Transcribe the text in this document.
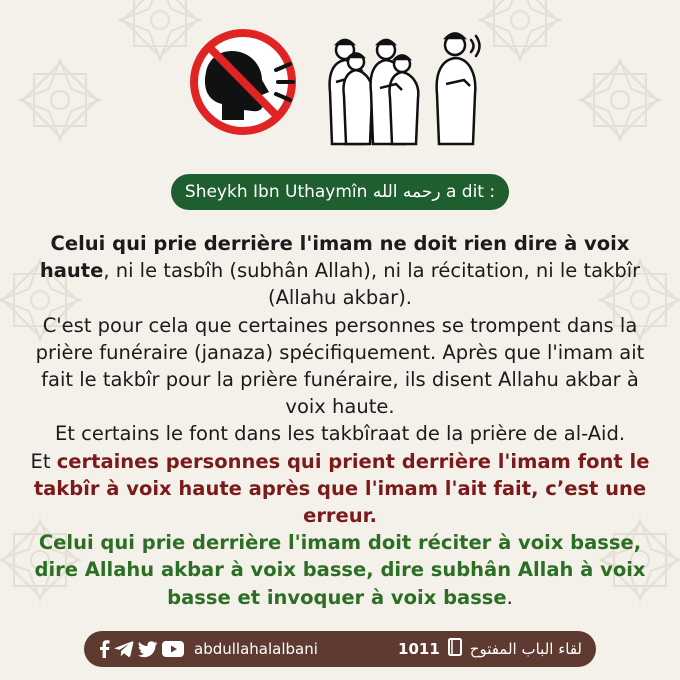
Sheykh Ibn Uthaymîn
رحمه الله
a dit :

Celui qui prie derrière l'imam ne doit rien dire à voix haute, ni le tasbîh (subhân Allah), ni la récitation, ni le takbîr (Allahu akbar).

C'est pour cela que certaines personnes se trompent dans la prière funéraire (janaza) spécifiquement. Après que l'imam ait fait le takbîr pour la prière funéraire, ils disent Allahu akbar à voix haute.

Et certains le font dans les takbîraat de la prière de al-Aid.

Et certaines personnes qui prient derrière l'imam font le takbîr à voix haute après que l'imam l'ait fait, c’est une erreur.

Celui qui prie derrière l'imam doit réciter à voix basse, dire Allahu akbar à voix basse, dire subhân Allah à voix basse et invoquer à voix basse.

abdullahalalbani	1011 لقاء الباب المفتوح
